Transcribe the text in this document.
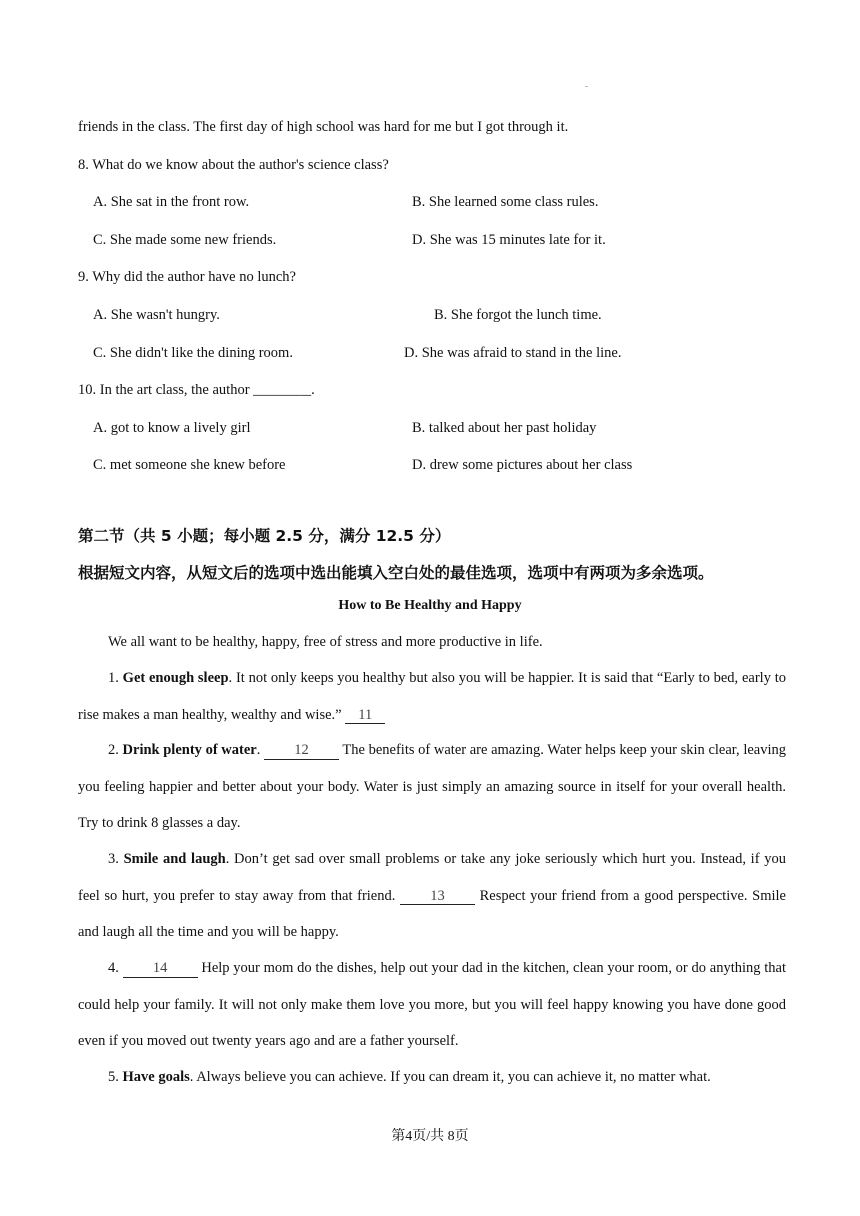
friends in the class. The first day of high school was hard for me but I got through it.
8. What do we know about the author's science class?
A. She sat in the front row.	B. She learned some class rules.
C. She made some new friends.	D. She was 15 minutes late for it.
9. Why did the author have no lunch?
A. She wasn't hungry.	B. She forgot the lunch time.
C. She didn't like the dining room.	D. She was afraid to stand in the line.
10. In the art class, the author ________.
A. got to know a lively girl	B. talked about her past holiday
C. met someone she knew before	D. drew some pictures about her class
第二节（共 5 小题；每小题 2.5 分，满分 12.5 分）
根据短文内容，从短文后的选项中选出能填入空白处的最佳选项，选项中有两项为多余选项。
How to Be Healthy and Happy
We all want to be healthy, happy, free of stress and more productive in life.
1. Get enough sleep. It not only keeps you healthy but also you will be happier. It is said that “Early to bed, early to rise makes a man healthy, wealthy and wise.” 11
2. Drink plenty of water. 12 The benefits of water are amazing. Water helps keep your skin clear, leaving you feeling happier and better about your body. Water is just simply an amazing source in itself for your overall health. Try to drink 8 glasses a day.
3. Smile and laugh. Don’t get sad over small problems or take any joke seriously which hurt you. Instead, if you feel so hurt, you prefer to stay away from that friend. 13 Respect your friend from a good perspective. Smile and laugh all the time and you will be happy.
4. 14 Help your mom do the dishes, help out your dad in the kitchen, clean your room, or do anything that could help your family. It will not only make them love you more, but you will feel happy knowing you have done good even if you moved out twenty years ago and are a father yourself.
5. Have goals. Always believe you can achieve. If you can dream it, you can achieve it, no matter what.
第4页/共 8页
